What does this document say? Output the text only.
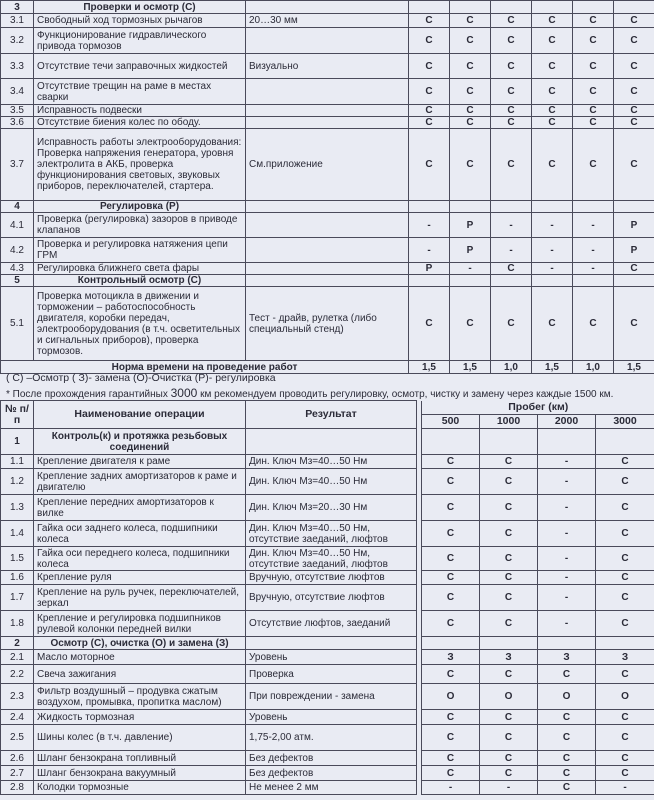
3	Проверки и осмотр (С)							
3.1	Свободный ход тормозных рычагов	20…30 мм	С	С	С	С	С	С
3.2	Функционирование гидравлического привода тормозов		С	С	С	С	С	С
3.3	Отсутствие течи заправочных жидкостей	Визуально	С	С	С	С	С	С
3.4	Отсутствие трещин на раме в местах сварки		С	С	С	С	С	С
3.5	Исправность подвески		С	С	С	С	С	С
3.6	Отсутствие биения колес по ободу.		С	С	С	С	С	С
3.7	Исправность работы электрооборудования: Проверка напряжения генератора, уровня электролита в АКБ, проверка функционирования световых, звуковых приборов, переключателей, стартера.	См.приложение	С	С	С	С	С	С
4	Регулировка (Р)							
4.1	Проверка (регулировка) зазоров в приводе клапанов		-	Р	-	-	-	Р
4.2	Проверка и регулировка натяжения цепи ГРМ		-	Р	-	-	-	Р
4.3	Регулировка ближнего света фары		Р	-	С	-	-	С
5	Контрольный осмотр (С)							
5.1	Проверка мотоцикла в движении и торможении – работоспособность двигателя, коробки передач, электрооборудования (в т.ч. осветительных и сигнальных приборов), проверка тормозов.	Тест - драйв, рулетка (либо специальный стенд)	С	С	С	С	С	С
Норма времени на проведение работ			1,5	1,5	1,0	1,5	1,0	1,5
( С) –Осмотр ( З)- замена (О)-Очистка (Р)- регулировка
* После прохождения гарантийных 3000 км рекомендуем проводить регулировку, осмотр, чистку и замену через каждые 1500 км.
№ п/п	Наименование операции	Результат		Пробег (км)			
				500	1000	2000	3000
1	Контроль(к) и протяжка резьбовых соединений						
1.1	Крепление двигателя к раме	Дин. Ключ Мз=40…50 Нм		С	С	-	С
1.2	Крепление задних амортизаторов к раме и двигателю	Дин. Ключ Мз=40…50 Нм		С	С	-	С
1.3	Крепление передних амортизаторов к вилке	Дин. Ключ Мз=20…30 Нм		С	С	-	С
1.4	Гайка оси заднего колеса, подшипники колеса	Дин. Ключ Мз=40…50 Нм, отсутствие заеданий, люфтов		С	С	-	С
1.5	Гайка оси переднего колеса, подшипники колеса	Дин. Ключ Мз=40…50 Нм, отсутствие заеданий, люфтов		С	С	-	С
1.6	Крепление руля	Вручную, отсутствие люфтов		С	С	-	С
1.7	Крепление на руль ручек, переключателей, зеркал	Вручную, отсутствие люфтов		С	С	-	С
1.8	Крепление и регулировка подшипников рулевой колонки передней вилки	Отсутствие люфтов, заеданий		С	С	-	С
2	Осмотр (С), очистка (О) и замена (З)						
2.1	Масло моторное	Уровень		З	З	З	З
2.2	Свеча зажигания	Проверка		С	С	С	С
2.3	Фильтр воздушный – продувка сжатым воздухом, промывка, пропитка маслом)	При повреждении - замена		О	О	О	О
2.4	Жидкость тормозная	Уровень		С	С	С	С
2.5	Шины колес (в т.ч. давление)	1,75-2,00 атм.		С	С	С	С
2.6	Шланг бензокрана топливный	Без дефектов		С	С	С	С
2.7	Шланг бензокрана вакуумный	Без дефектов		С	С	С	С
2.8	Колодки тормозные	Не менее 2 мм		-	-	С	-
